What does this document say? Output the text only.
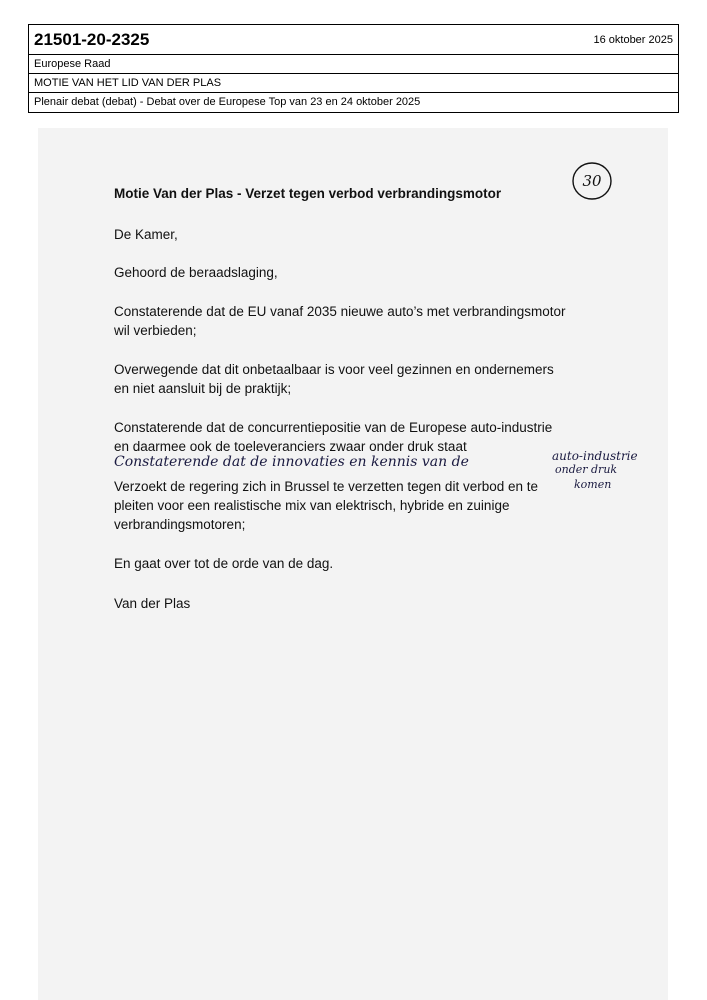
21501-20-2325	16 oktober 2025
Europese Raad
MOTIE VAN HET LID VAN DER PLAS
Plenair debat (debat) - Debat over de Europese Top van 23 en 24 oktober 2025
30
Motie Van der Plas - Verzet tegen verbod verbrandingsmotor
De Kamer,
Gehoord de beraadslaging,
Constaterende dat de EU vanaf 2035 nieuwe auto’s met verbrandingsmotor
wil verbieden;
Overwegende dat dit onbetaalbaar is voor veel gezinnen en ondernemers
en niet aansluit bij de praktijk;
Constaterende dat de concurrentiepositie van de Europese auto-industrie
en daarmee ook de toeleveranciers zwaar onder druk staat
Constaterende dat de innovaties en kennis van de	auto-industrie
onder druk
komen
Verzoekt de regering zich in Brussel te verzetten tegen dit verbod en te
pleiten voor een realistische mix van elektrisch, hybride en zuinige
verbrandingsmotoren;
En gaat over tot de orde van de dag.
Van der Plas
